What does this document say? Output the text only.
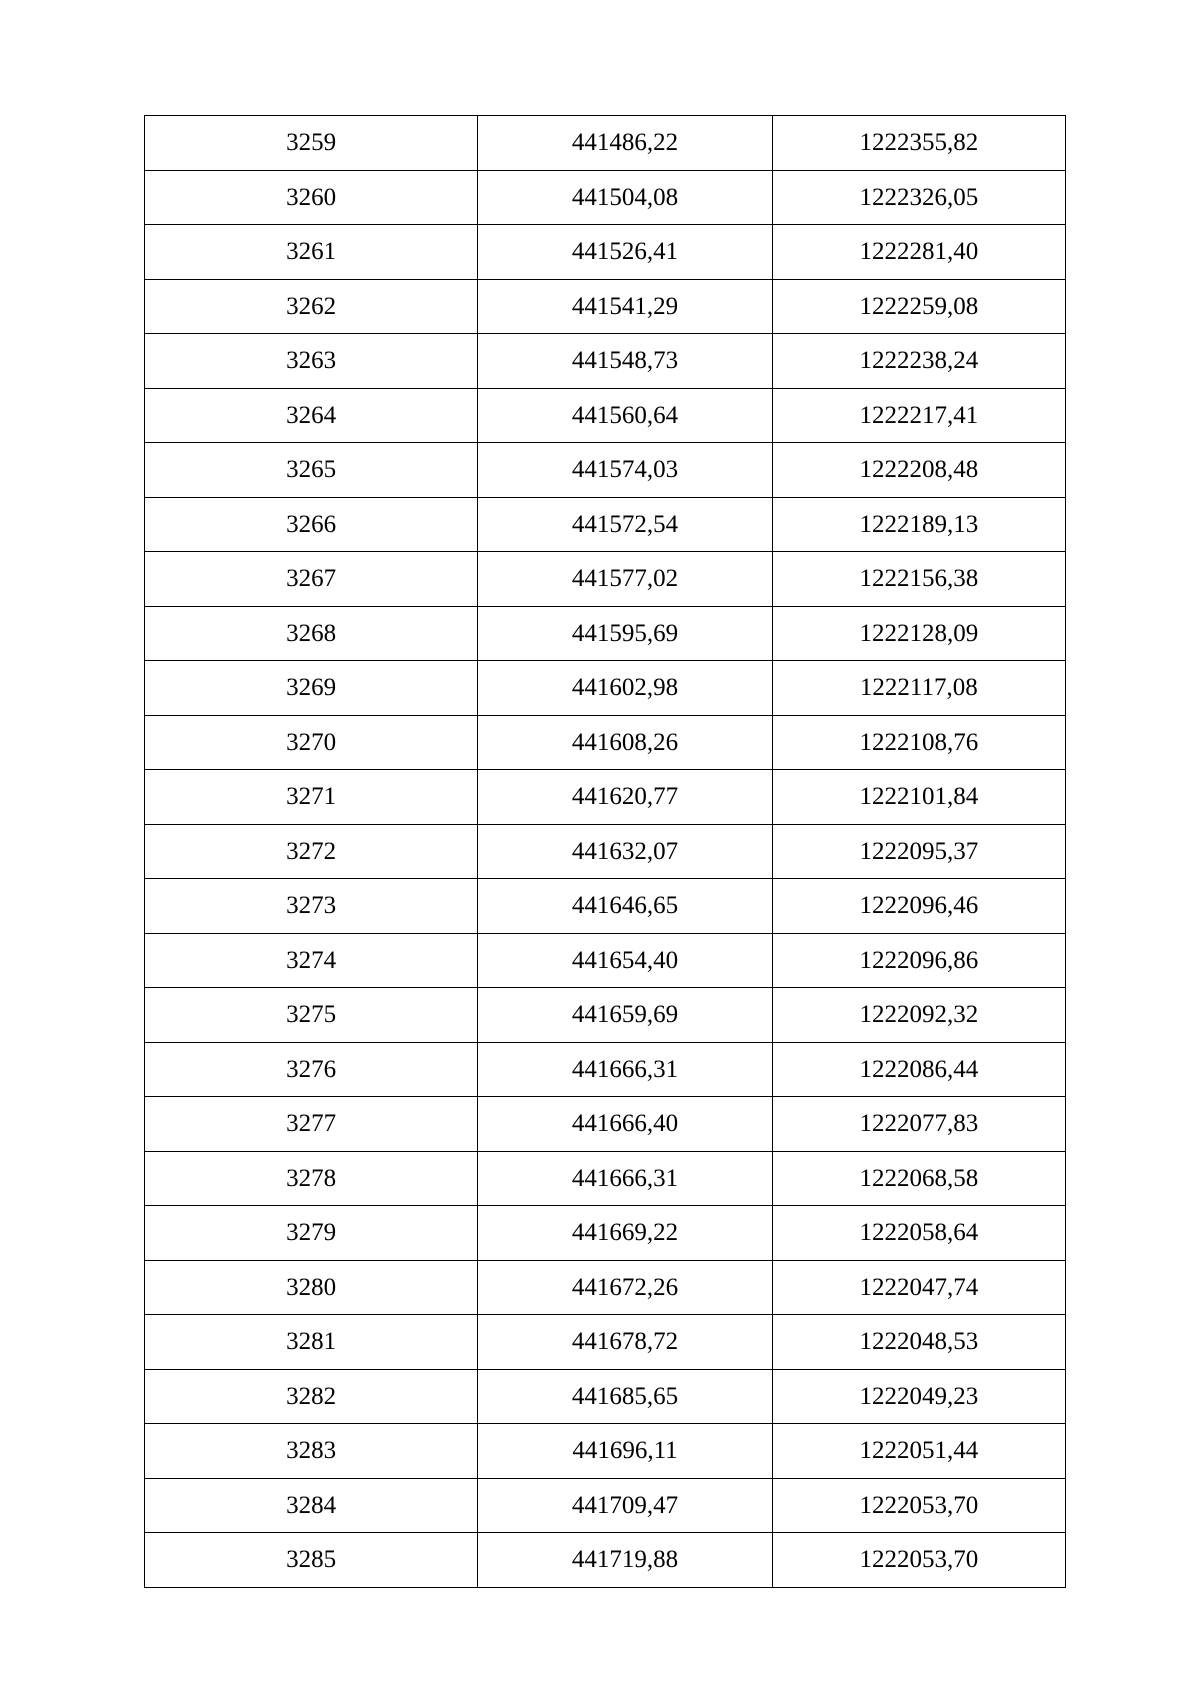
3259	441486,22	1222355,82
3260	441504,08	1222326,05
3261	441526,41	1222281,40
3262	441541,29	1222259,08
3263	441548,73	1222238,24
3264	441560,64	1222217,41
3265	441574,03	1222208,48
3266	441572,54	1222189,13
3267	441577,02	1222156,38
3268	441595,69	1222128,09
3269	441602,98	1222117,08
3270	441608,26	1222108,76
3271	441620,77	1222101,84
3272	441632,07	1222095,37
3273	441646,65	1222096,46
3274	441654,40	1222096,86
3275	441659,69	1222092,32
3276	441666,31	1222086,44
3277	441666,40	1222077,83
3278	441666,31	1222068,58
3279	441669,22	1222058,64
3280	441672,26	1222047,74
3281	441678,72	1222048,53
3282	441685,65	1222049,23
3283	441696,11	1222051,44
3284	441709,47	1222053,70
3285	441719,88	1222053,70
